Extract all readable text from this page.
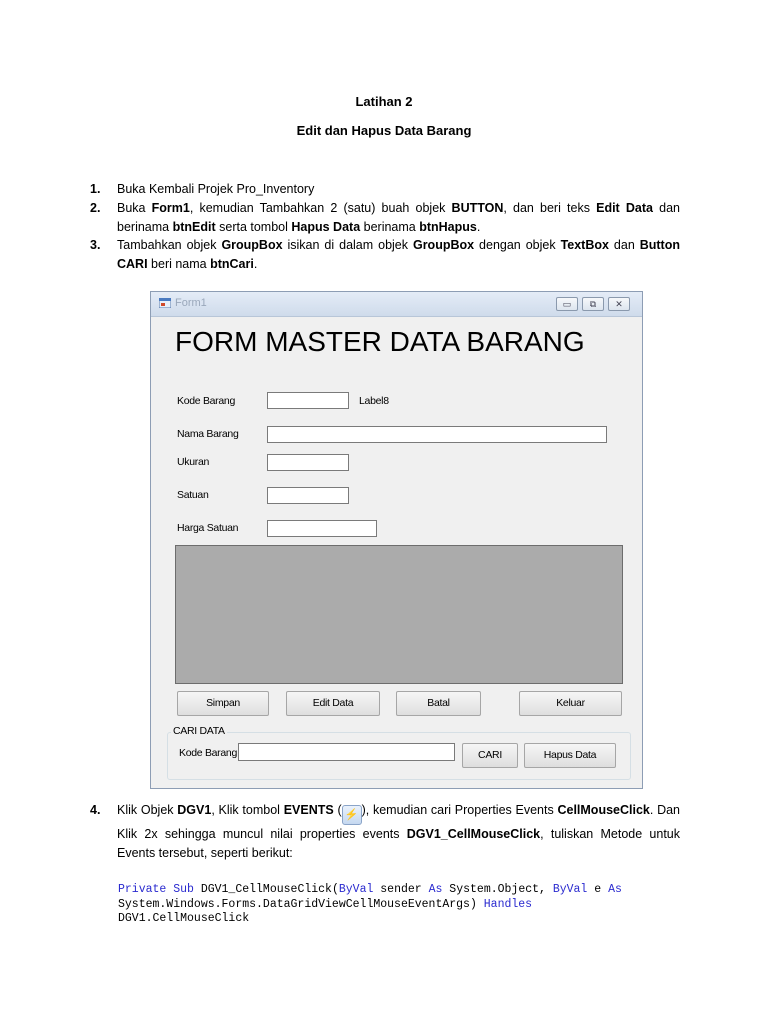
Latihan 2
Edit dan Hapus Data Barang
1. Buka Kembali Projek Pro_Inventory
2. Buka Form1, kemudian Tambahkan 2 (satu) buah objek BUTTON, dan beri teks Edit Data dan berinama btnEdit serta tombol Hapus Data berinama btnHapus.
3. Tambahkan objek GroupBox isikan di dalam objek GroupBox dengan objek TextBox dan Button CARI beri nama btnCari.
Form1	▭	⧉	✕
FORM MASTER DATA BARANG
Kode Barang	Label8
Nama Barang
Ukuran
Satuan
Harga Satuan
Simpan	Edit Data	Batal	Keluar
CARI DATA
Kode Barang	CARI	Hapus Data
4. Klik Objek DGV1, Klik tombol EVENTS ( ⚡ ), kemudian cari Properties Events CellMouseClick. Dan Klik 2x sehingga muncul nilai properties events DGV1_CellMouseClick, tuliskan Metode untuk Events tersebut, seperti berikut:
Private Sub DGV1_CellMouseClick(ByVal sender As System.Object, ByVal e As
System.Windows.Forms.DataGridViewCellMouseEventArgs) Handles
DGV1.CellMouseClick
